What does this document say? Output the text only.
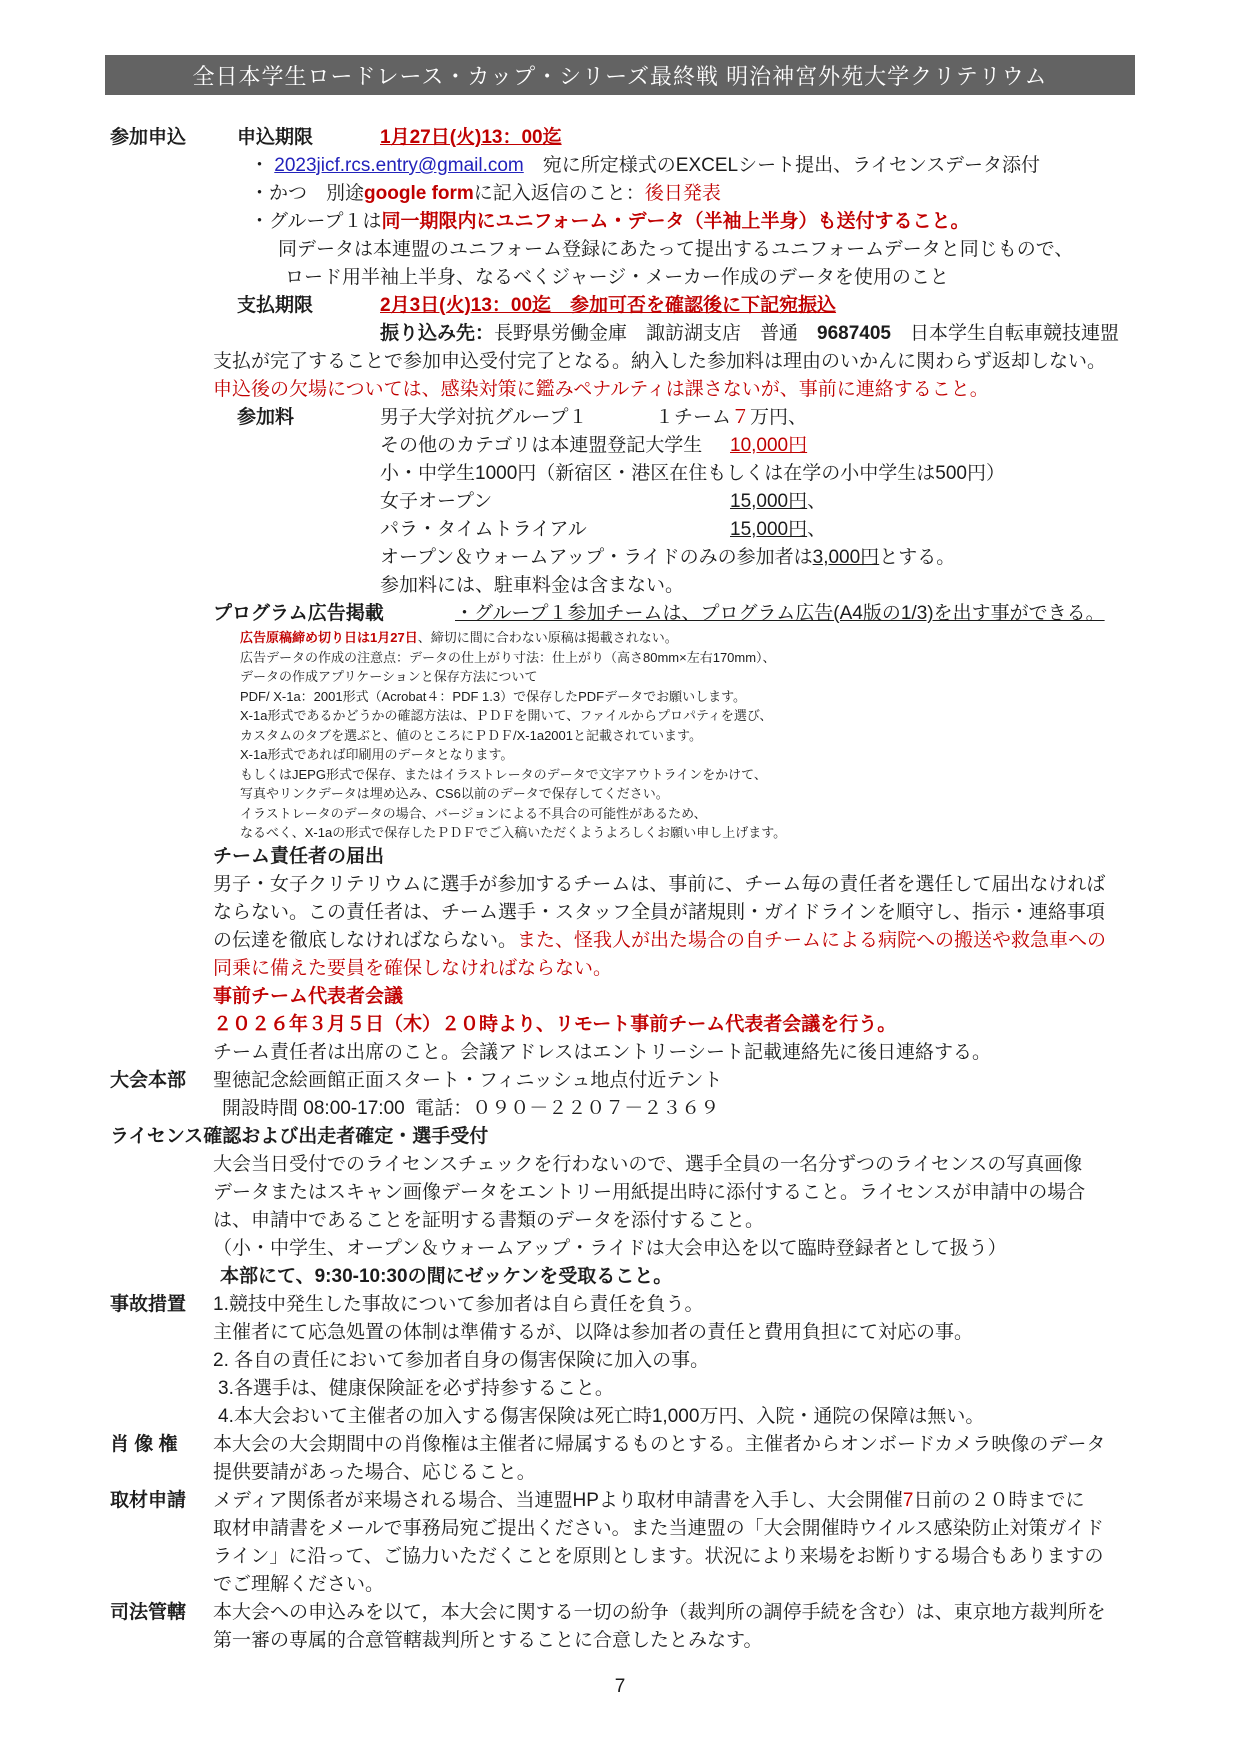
全日本学生ロードレース・カップ・シリーズ最終戦 明治神宮外苑大学クリテリウム
参加申込	申込期限	1月27日(火)13：00迄
・ 2023jicf.rcs.entry@gmail.com　宛に所定様式のEXCELシート提出、ライセンスデータ添付
・かつ　別途google formに記入返信のこと：後日発表
・グループ１は同一期限内にユニフォーム・データ（半袖上半身）も送付すること。
同データは本連盟のユニフォーム登録にあたって提出するユニフォームデータと同じもので、
ロード用半袖上半身、なるべくジャージ・メーカー作成のデータを使用のこと
支払期限	2月3日(火)13：00迄　参加可否を確認後に下記宛振込
振り込み先：長野県労働金庫　諏訪湖支店　普通　9687405　日本学生自転車競技連盟
支払が完了することで参加申込受付完了となる。納入した参加料は理由のいかんに関わらず返却しない。
申込後の欠場については、感染対策に鑑みペナルティは課さないが、事前に連絡すること。
参加料	男子大学対抗グループ１	１チーム７万円、
その他のカテゴリは本連盟登記大学生 10,000円
小・中学生1000円（新宿区・港区在住もしくは在学の小中学生は500円）
女子オープン	15,000円、
パラ・タイムトライアル	15,000円、
オープン＆ウォームアップ・ライドのみの参加者は3,000円とする。
参加料には、駐車料金は含まない。
プログラム広告掲載	・グループ１参加チームは、プログラム広告(A4版の1/3)を出す事ができる。
広告原稿締め切り日は1月27日、締切に間に合わない原稿は掲載されない。
広告データの作成の注意点：データの仕上がり寸法：仕上がり（高さ80mm×左右170mm）、
データの作成アプリケーションと保存方法について
PDF/ X-1a：2001形式（Acrobat４：PDF 1.3）で保存したPDFデータでお願いします。
X-1a形式であるかどうかの確認方法は、ＰＤＦを開いて、ファイルからプロパティを選び、
カスタムのタブを選ぶと、値のところにＰＤＦ/X-1a2001と記載されています。
X-1a形式であれば印刷用のデータとなります。
もしくはJEPG形式で保存、またはイラストレータのデータで文字アウトラインをかけて、
写真やリンクデータは埋め込み、CS6以前のデータで保存してください。
イラストレータのデータの場合、バージョンによる不具合の可能性があるため、
なるべく、X-1aの形式で保存したＰＤＦでご入稿いただくようよろしくお願い申し上げます。
チーム責任者の届出
男子・女子クリテリウムに選手が参加するチームは、事前に、チーム毎の責任者を選任して届出なければ
ならない。この責任者は、チーム選手・スタッフ全員が諸規則・ガイドラインを順守し、指示・連絡事項
の伝達を徹底しなければならない。また、怪我人が出た場合の自チームによる病院への搬送や救急車への
同乗に備えた要員を確保しなければならない。
事前チーム代表者会議
２０２６年３月５日（木）２０時より、リモート事前チーム代表者会議を行う。
チーム責任者は出席のこと。会議アドレスはエントリーシート記載連絡先に後日連絡する。
大会本部 聖徳記念絵画館正面スタート・フィニッシュ地点付近テント
開設時間 08:00-17:00  電話：０９０－２２０７－２３６９
ライセンス確認および出走者確定・選手受付
大会当日受付でのライセンスチェックを行わないので、選手全員の一名分ずつのライセンスの写真画像
データまたはスキャン画像データをエントリー用紙提出時に添付すること。ライセンスが申請中の場合
は、申請中であることを証明する書類のデータを添付すること。
（小・中学生、オープン＆ウォームアップ・ライドは大会申込を以て臨時登録者として扱う）
本部にて、9:30-10:30の間にゼッケンを受取ること。
事故措置 1.競技中発生した事故について参加者は自ら責任を負う。
主催者にて応急処置の体制は準備するが、以降は参加者の責任と費用負担にて対応の事。
2. 各自の責任において参加者自身の傷害保険に加入の事。
3.各選手は、健康保険証を必ず持参すること。
4.本大会おいて主催者の加入する傷害保険は死亡時1,000万円、入院・通院の保障は無い。
肖 像 権 本大会の大会期間中の肖像権は主催者に帰属するものとする。主催者からオンボードカメラ映像のデータ
提供要請があった場合、応じること。
取材申請 メディア関係者が来場される場合、当連盟HPより取材申請書を入手し、大会開催7日前の２０時までに
取材申請書をメールで事務局宛ご提出ください。また当連盟の「大会開催時ウイルス感染防止対策ガイド
ライン」に沿って、ご協力いただくことを原則とします。状況により来場をお断りする場合もありますの
でご理解ください。
司法管轄 本大会への申込みを以て，本大会に関する一切の紛争（裁判所の調停手続を含む）は、東京地方裁判所を
第一審の専属的合意管轄裁判所とすることに合意したとみなす。
7
